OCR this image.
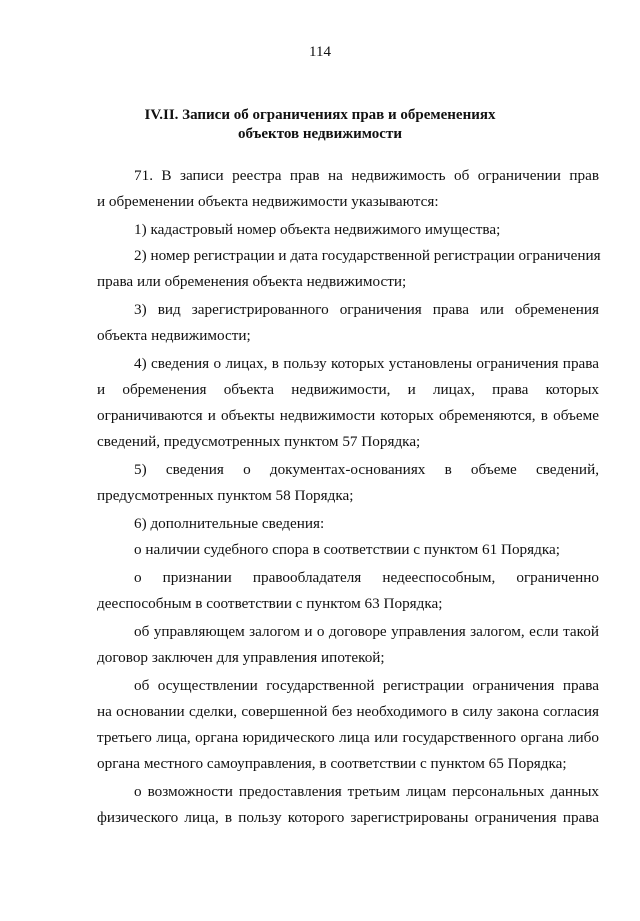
114
IV.II. Записи об ограничениях прав и обременениях
объектов недвижимости
71. В записи реестра прав на недвижимость об ограничении прав
и обременении объекта недвижимости указываются:
1) кадастровый номер объекта недвижимого имущества;
2) номер регистрации и дата государственной регистрации ограничения
права или обременения объекта недвижимости;
3) вид зарегистрированного ограничения права или обременения
объекта недвижимости;
4) сведения о лицах, в пользу которых установлены ограничения права
и обременения объекта недвижимости, и лицах, права которых
ограничиваются и объекты недвижимости которых обременяются, в объеме
сведений, предусмотренных пунктом 57 Порядка;
5) сведения о документах-основаниях в объеме сведений,
предусмотренных пунктом 58 Порядка;
6) дополнительные сведения:
о наличии судебного спора в соответствии с пунктом 61 Порядка;
о признании правообладателя недееспособным, ограниченно
дееспособным в соответствии с пунктом 63 Порядка;
об управляющем залогом и о договоре управления залогом, если такой
договор заключен для управления ипотекой;
об осуществлении государственной регистрации ограничения права
на основании сделки, совершенной без необходимого в силу закона согласия
третьего лица, органа юридического лица или государственного органа либо
органа местного самоуправления, в соответствии с пунктом 65 Порядка;
о возможности предоставления третьим лицам персональных данных
физического лица, в пользу которого зарегистрированы ограничения права
